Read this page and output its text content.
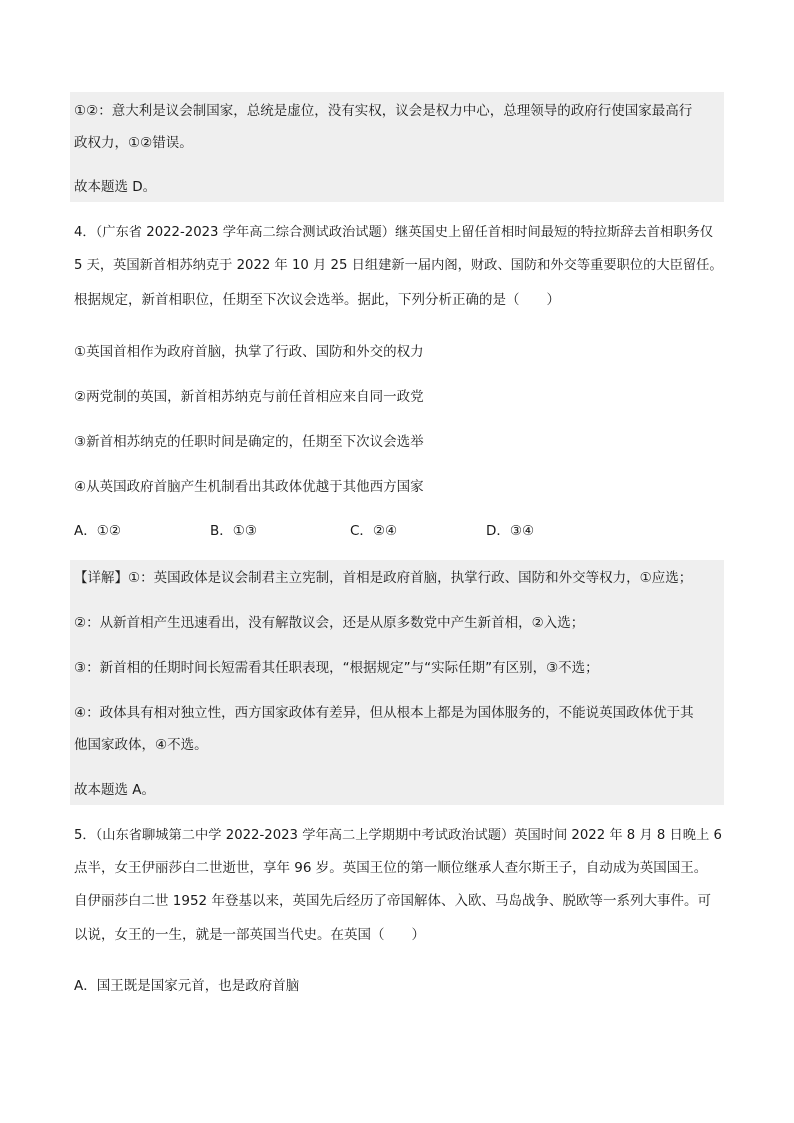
①②：意大利是议会制国家，总统是虚位，没有实权，议会是权力中心，总理领导的政府行使国家最高行
政权力，①②错误。
故本题选 D。
4．（广东省 2022-2023 学年高二综合测试政治试题）继英国史上留任首相时间最短的特拉斯辞去首相职务仅
5 天，英国新首相苏纳克于 2022 年 10 月 25 日组建新一届内阁，财政、国防和外交等重要职位的大臣留任。
根据规定，新首相职位，任期至下次议会选举。据此，下列分析正确的是（　　）
①英国首相作为政府首脑，执掌了行政、国防和外交的权力
②两党制的英国，新首相苏纳克与前任首相应来自同一政党
③新首相苏纳克的任职时间是确定的，任期至下次议会选举
④从英国政府首脑产生机制看出其政体优越于其他西方国家
A．①②	B．①③	C．②④	D．③④
【详解】①：英国政体是议会制君主立宪制，首相是政府首脑，执掌行政、国防和外交等权力，①应选；
②：从新首相产生迅速看出，没有解散议会，还是从原多数党中产生新首相，②入选；
③：新首相的任期时间长短需看其任职表现，“根据规定”与“实际任期”有区别，③不选；
④：政体具有相对独立性，西方国家政体有差异，但从根本上都是为国体服务的，不能说英国政体优于其
他国家政体，④不选。
故本题选 A。
5．（山东省聊城第二中学 2022-2023 学年高二上学期期中考试政治试题）英国时间 2022 年 8 月 8 日晚上 6
点半，女王伊丽莎白二世逝世，享年 96 岁。英国王位的第一顺位继承人查尔斯王子，自动成为英国国王。
自伊丽莎白二世 1952 年登基以来，英国先后经历了帝国解体、入欧、马岛战争、脱欧等一系列大事件。可
以说，女王的一生，就是一部英国当代史。在英国（　　）
A．国王既是国家元首，也是政府首脑
